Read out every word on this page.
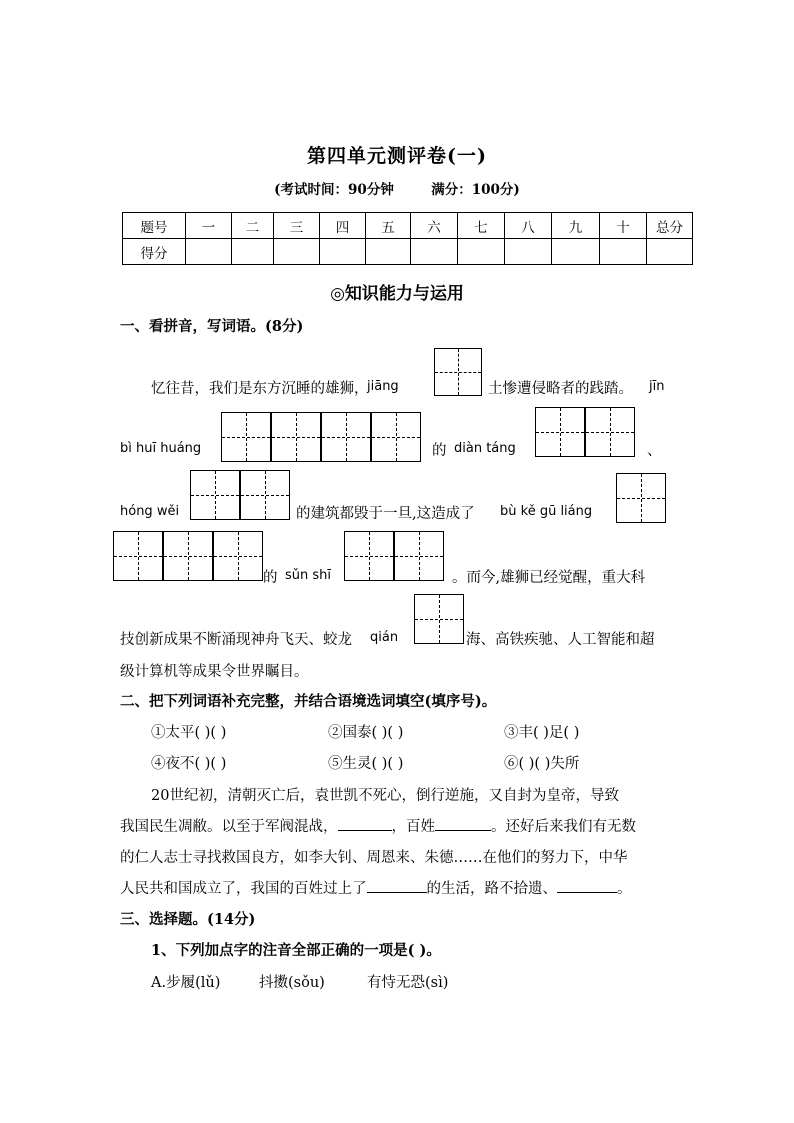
第四单元测评卷(一)
(考试时间：90分钟	满分：100分)
题号	一	二	三	四	五	六	七	八	九	十	总分
得分											
◎知识能力与运用
一、看拼音，写词语。(8分)
忆往昔，我们是东方沉睡的雄狮，
jiāng	土惨遭侵略者的践踏。 jīn
bì huī huáng	的 diàn táng	、
hóng wěi	的建筑都毁于一旦,这造成了 bù kě gū liáng
的 sǔn shī	。而今,雄狮已经觉醒，重大科
技创新成果不断涌现神舟飞天、蛟龙 qián	海、高铁疾驰、人工智能和超
级计算机等成果令世界瞩目。
二、把下列词语补充完整，并结合语境选词填空(填序号)。
①太平( )( )	②国泰( )( )	③丰( )足( )
④夜不( )( )	⑤生灵( )( )	⑥( )( )失所
20世纪初，清朝灭亡后，袁世凯不死心，倒行逆施，又自封为皇帝，导致
我国民生凋敝。以至于军阀混战，	，百姓	。还好后来我们有无数
的仁人志士寻找救国良方，如李大钊、周恩来、朱德……在他们的努力下，中华
人民共和国成立了，我国的百姓过上了	的生活，路不拾遗、	。
三、选择题。(14分)
1、下列加点字的注音全部正确的一项是( )。
A.步履(lǔ)	抖擞(sǒu)	有恃无恐(sì)
